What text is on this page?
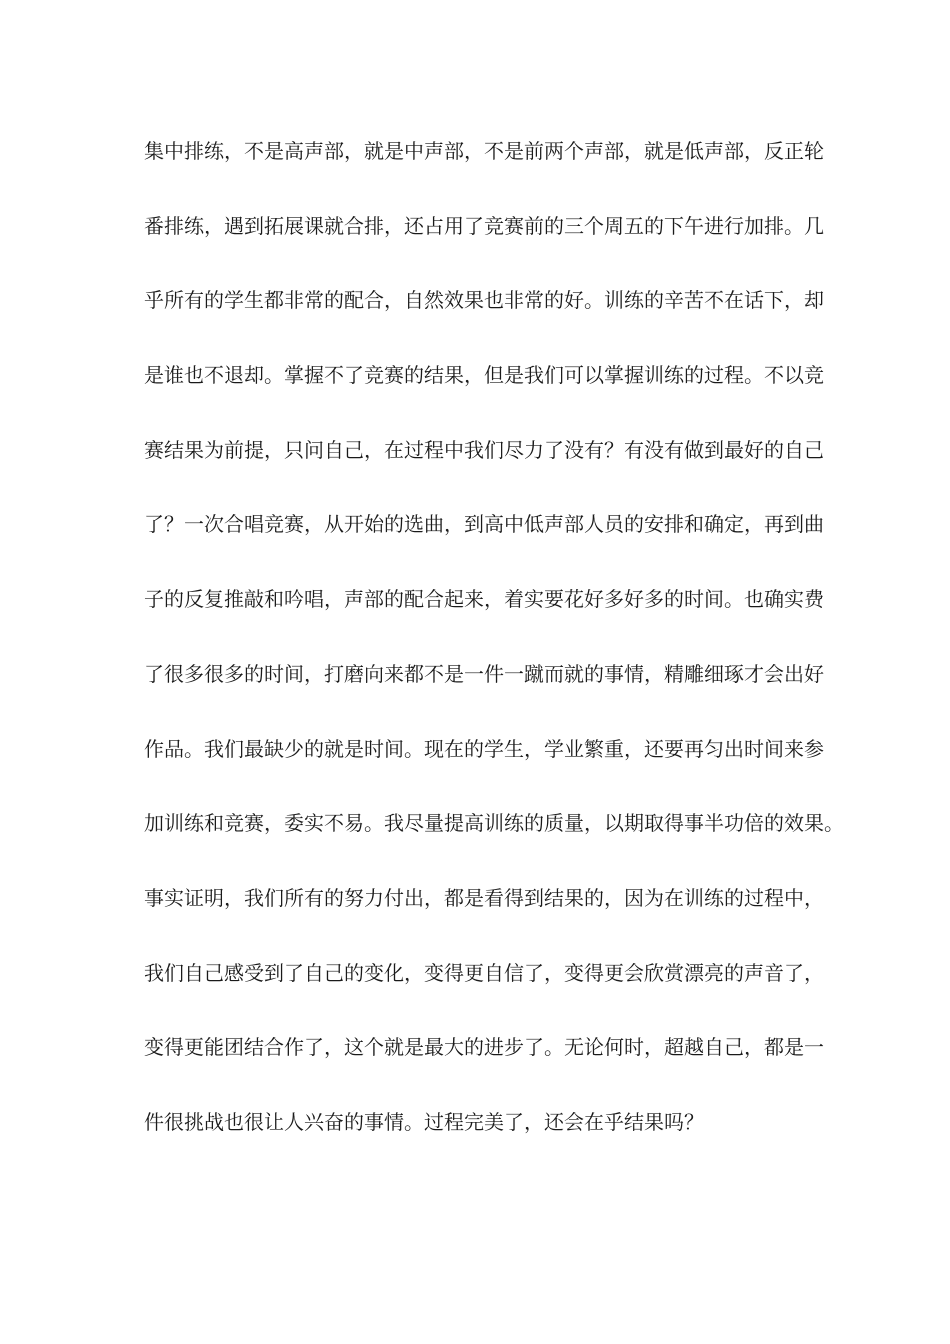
集中排练，不是高声部，就是中声部，不是前两个声部，就是低声部，反正轮
番排练，遇到拓展课就合排，还占用了竞赛前的三个周五的下午进行加排。几
乎所有的学生都非常的配合，自然效果也非常的好。训练的辛苦不在话下，却
是谁也不退却。掌握不了竞赛的结果，但是我们可以掌握训练的过程。不以竞
赛结果为前提，只问自己，在过程中我们尽力了没有？有没有做到最好的自己
了？一次合唱竞赛，从开始的选曲，到高中低声部人员的安排和确定，再到曲
子的反复推敲和吟唱，声部的配合起来，着实要花好多好多的时间。也确实费
了很多很多的时间，打磨向来都不是一件一蹴而就的事情，精雕细琢才会出好
作品。我们最缺少的就是时间。现在的学生，学业繁重，还要再匀出时间来参
加训练和竞赛，委实不易。我尽量提高训练的质量，以期取得事半功倍的效果。
事实证明，我们所有的努力付出，都是看得到结果的，因为在训练的过程中，
我们自己感受到了自己的变化，变得更自信了，变得更会欣赏漂亮的声音了，
变得更能团结合作了，这个就是最大的进步了。无论何时，超越自己，都是一
件很挑战也很让人兴奋的事情。过程完美了，还会在乎结果吗？
